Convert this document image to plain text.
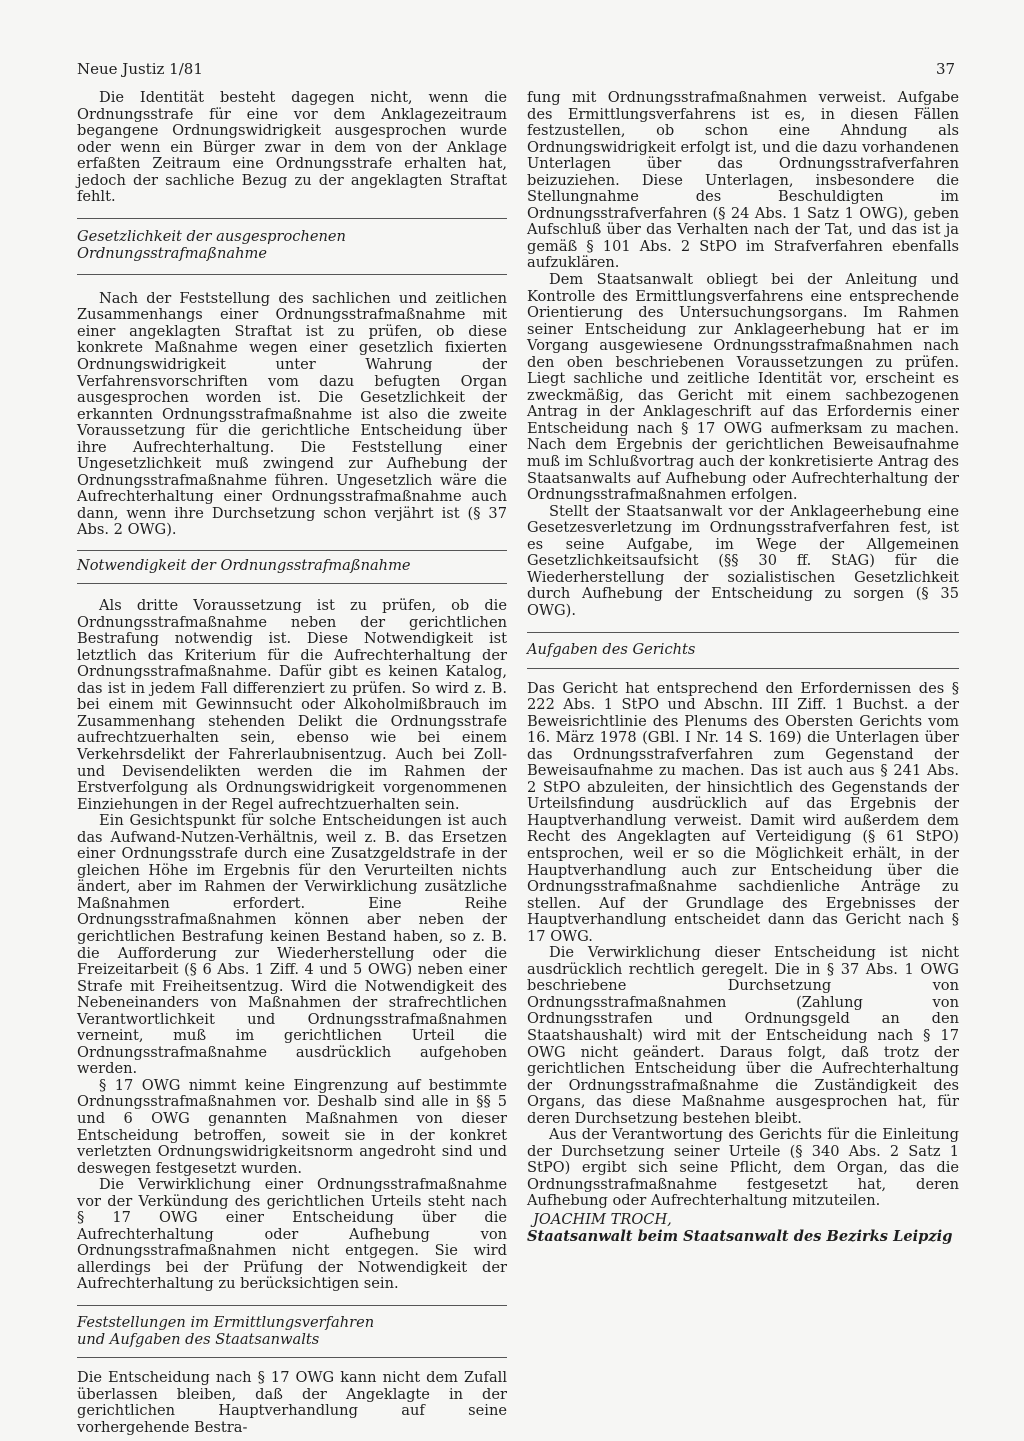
Neue Justiz 1/81	37

Die Identität besteht dagegen nicht, wenn die Ordnungsstrafe für eine vor dem Anklagezeitraum begangene Ordnungswidrigkeit ausgesprochen wurde oder wenn ein Bürger zwar in dem von der Anklage erfaßten Zeitraum eine Ordnungsstrafe erhalten hat, jedoch der sachliche Bezug zu der angeklagten Straftat fehlt.

Gesetzlichkeit der ausgesprochenen
Ordnungsstrafmaßnahme

Nach der Feststellung des sachlichen und zeitlichen Zusammenhangs einer Ordnungsstrafmaßnahme mit einer angeklagten Straftat ist zu prüfen, ob diese konkrete Maßnahme wegen einer gesetzlich fixierten Ordnungswidrigkeit unter Wahrung der Verfahrensvorschriften vom dazu befugten Organ ausgesprochen worden ist. Die Gesetzlichkeit der erkannten Ordnungsstrafmaßnahme ist also die zweite Voraussetzung für die gerichtliche Entscheidung über ihre Aufrechterhaltung. Die Feststellung einer Ungesetzlichkeit muß zwingend zur Aufhebung der Ordnungsstrafmaßnahme führen. Ungesetzlich wäre die Aufrechterhaltung einer Ordnungsstrafmaßnahme auch dann, wenn ihre Durchsetzung schon verjährt ist (§ 37 Abs. 2 OWG).

Notwendigkeit der Ordnungsstrafmaßnahme

Als dritte Voraussetzung ist zu prüfen, ob die Ordnungsstrafmaßnahme neben der gerichtlichen Bestrafung notwendig ist. Diese Notwendigkeit ist letztlich das Kriterium für die Aufrechterhaltung der Ordnungsstrafmaßnahme. Dafür gibt es keinen Katalog, das ist in jedem Fall differenziert zu prüfen. So wird z. B. bei einem mit Gewinnsucht oder Alkoholmißbrauch im Zusammenhang stehenden Delikt die Ordnungsstrafe aufrechtzuerhalten sein, ebenso wie bei einem Verkehrsdelikt der Fahrerlaubnisentzug. Auch bei Zoll- und Devisendelikten werden die im Rahmen der Erstverfolgung als Ordnungswidrigkeit vorgenommenen Einziehungen in der Regel aufrechtzuerhalten sein.

Ein Gesichtspunkt für solche Entscheidungen ist auch das Aufwand-Nutzen-Verhältnis, weil z. B. das Ersetzen einer Ordnungsstrafe durch eine Zusatzgeldstrafe in der gleichen Höhe im Ergebnis für den Verurteilten nichts ändert, aber im Rahmen der Verwirklichung zusätzliche Maßnahmen erfordert. Eine Reihe Ordnungsstrafmaßnahmen können aber neben der gerichtlichen Bestrafung keinen Bestand haben, so z. B. die Aufforderung zur Wiederherstellung oder die Freizeitarbeit (§ 6 Abs. 1 Ziff. 4 und 5 OWG) neben einer Strafe mit Freiheitsentzug. Wird die Notwendigkeit des Nebeneinanders von Maßnahmen der strafrechtlichen Verantwortlichkeit und Ordnungsstrafmaßnahmen verneint, muß im gerichtlichen Urteil die Ordnungsstrafmaßnahme ausdrücklich aufgehoben werden.

§ 17 OWG nimmt keine Eingrenzung auf bestimmte Ordnungsstrafmaßnahmen vor. Deshalb sind alle in §§ 5 und 6 OWG genannten Maßnahmen von dieser Entscheidung betroffen, soweit sie in der konkret verletzten Ordnungswidrigkeitsnorm angedroht sind und deswegen festgesetzt wurden.

Die Verwirklichung einer Ordnungsstrafmaßnahme vor der Verkündung des gerichtlichen Urteils steht nach § 17 OWG einer Entscheidung über die Aufrechterhaltung oder Aufhebung von Ordnungsstrafmaßnahmen nicht entgegen. Sie wird allerdings bei der Prüfung der Notwendigkeit der Aufrechterhaltung zu berücksichtigen sein.

Feststellungen im Ermittlungsverfahren
und Aufgaben des Staatsanwalts

Die Entscheidung nach § 17 OWG kann nicht dem Zufall überlassen bleiben, daß der Angeklagte in der gerichtlichen Hauptverhandlung auf seine vorhergehende Bestra-

fung mit Ordnungsstrafmaßnahmen verweist. Aufgabe des Ermittlungsverfahrens ist es, in diesen Fällen festzustellen, ob schon eine Ahndung als Ordnungswidrigkeit erfolgt ist, und die dazu vorhandenen Unterlagen über das Ordnungsstrafverfahren beizuziehen. Diese Unterlagen, insbesondere die Stellungnahme des Beschuldigten im Ordnungsstrafverfahren (§ 24 Abs. 1 Satz 1 OWG), geben Aufschluß über das Verhalten nach der Tat, und das ist ja gemäß § 101 Abs. 2 StPO im Strafverfahren ebenfalls aufzuklären.

Dem Staatsanwalt obliegt bei der Anleitung und Kontrolle des Ermittlungsverfahrens eine entsprechende Orientierung des Untersuchungsorgans. Im Rahmen seiner Entscheidung zur Anklageerhebung hat er im Vorgang ausgewiesene Ordnungsstrafmaßnahmen nach den oben beschriebenen Voraussetzungen zu prüfen. Liegt sachliche und zeitliche Identität vor, erscheint es zweckmäßig, das Gericht mit einem sachbezogenen Antrag in der Anklageschrift auf das Erfordernis einer Entscheidung nach § 17 OWG aufmerksam zu machen. Nach dem Ergebnis der gerichtlichen Beweisaufnahme muß im Schlußvortrag auch der konkretisierte Antrag des Staatsanwalts auf Aufhebung oder Aufrechterhaltung der Ordnungsstrafmaßnahmen erfolgen.

Stellt der Staatsanwalt vor der Anklageerhebung eine Gesetzesverletzung im Ordnungsstrafverfahren fest, ist es seine Aufgabe, im Wege der Allgemeinen Gesetzlichkeitsaufsicht (§§ 30 ff. StAG) für die Wiederherstellung der sozialistischen Gesetzlichkeit durch Aufhebung der Entscheidung zu sorgen (§ 35 OWG).

Aufgaben des Gerichts

Das Gericht hat entsprechend den Erfordernissen des § 222 Abs. 1 StPO und Abschn. III Ziff. 1 Buchst. a der Beweisrichtlinie des Plenums des Obersten Gerichts vom 16. März 1978 (GBl. I Nr. 14 S. 169) die Unterlagen über das Ordnungsstrafverfahren zum Gegenstand der Beweisaufnahme zu machen. Das ist auch aus § 241 Abs. 2 StPO abzuleiten, der hinsichtlich des Gegenstands der Urteilsfindung ausdrücklich auf das Ergebnis der Hauptverhandlung verweist. Damit wird außerdem dem Recht des Angeklagten auf Verteidigung (§ 61 StPO) entsprochen, weil er so die Möglichkeit erhält, in der Hauptverhandlung auch zur Entscheidung über die Ordnungsstrafmaßnahme sachdienliche Anträge zu stellen. Auf der Grundlage des Ergebnisses der Hauptverhandlung entscheidet dann das Gericht nach § 17 OWG.

Die Verwirklichung dieser Entscheidung ist nicht ausdrücklich rechtlich geregelt. Die in § 37 Abs. 1 OWG beschriebene Durchsetzung von Ordnungsstrafmaßnahmen (Zahlung von Ordnungsstrafen und Ordnungsgeld an den Staatshaushalt) wird mit der Entscheidung nach § 17 OWG nicht geändert. Daraus folgt, daß trotz der gerichtlichen Entscheidung über die Aufrechterhaltung der Ordnungsstrafmaßnahme die Zuständigkeit des Organs, das diese Maßnahme ausgesprochen hat, für deren Durchsetzung bestehen bleibt.

Aus der Verantwortung des Gerichts für die Einleitung der Durchsetzung seiner Urteile (§ 340 Abs. 2 Satz 1 StPO) ergibt sich seine Pflicht, dem Organ, das die Ordnungsstrafmaßnahme festgesetzt hat, deren Aufhebung oder Aufrechterhaltung mitzuteilen.

JOACHIM TROCH,

Staatsanwalt beim Staatsanwalt des Bezirks Leipzig
